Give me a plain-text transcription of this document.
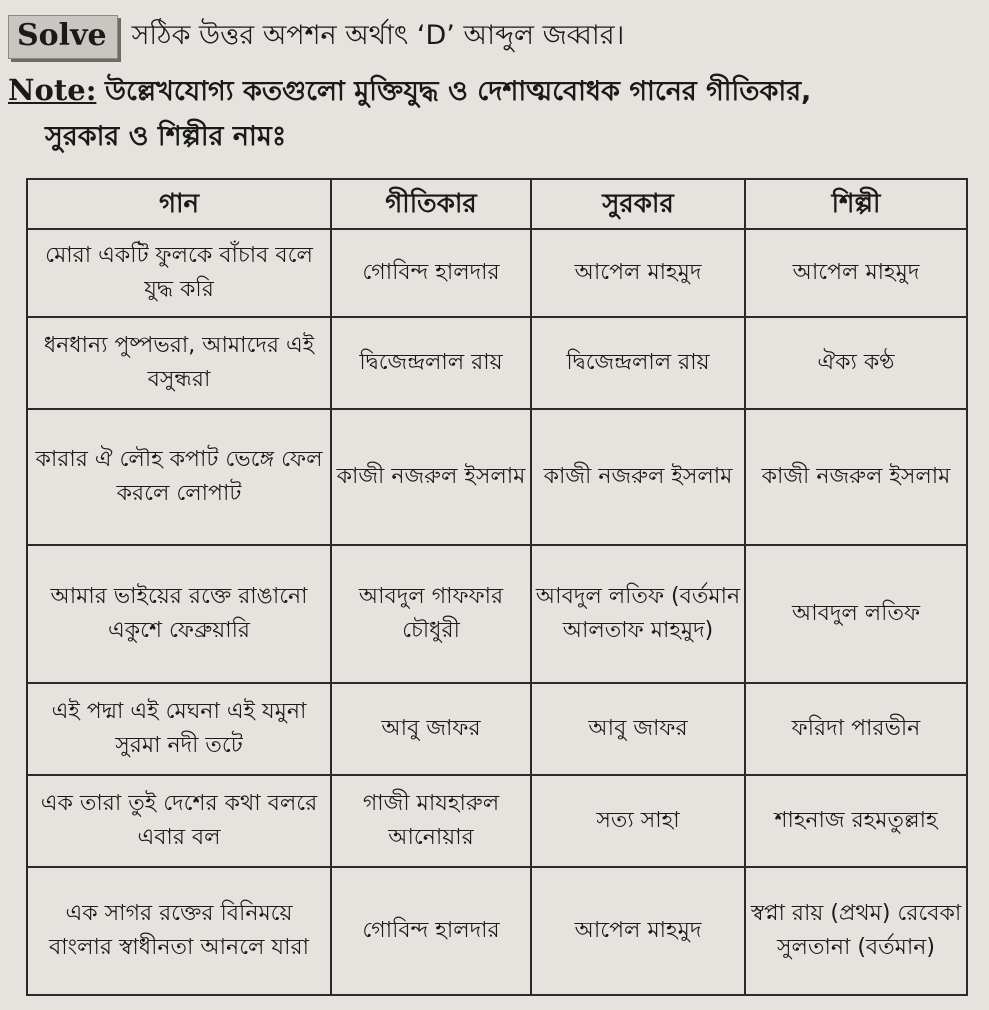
Solve সঠিক উত্তর অপশন অর্থাৎ ‘D’ আব্দুল জব্বার।
Note: উল্লেখযোগ্য কতগুলো মুক্তিযুদ্ধ ও দেশাত্মবোধক গানের গীতিকার,
সুরকার ও শিল্পীর নামঃ
গান	গীতিকার	সুরকার	শিল্পী
মোরা একটি ফুলকে বাঁচাব বলে যুদ্ধ করি	গোবিন্দ হালদার	আপেল মাহমুদ	আপেল মাহমুদ
ধনধান্য পুষ্পভরা, আমাদের এই বসুন্ধরা	দ্বিজেন্দ্রলাল রায়	দ্বিজেন্দ্রলাল রায়	ঐক্য কণ্ঠ
কারার ঐ লৌহ কপাট ভেঙ্গে ফেল করলে লোপাট	কাজী নজরুল ইসলাম	কাজী নজরুল ইসলাম	কাজী নজরুল ইসলাম
আমার ভাইয়ের রক্তে রাঙানো একুশে ফেব্রুয়ারি	আবদুল গাফফার চৌধুরী	আবদুল লতিফ (বর্তমান আলতাফ মাহমুদ)	আবদুল লতিফ
এই পদ্মা এই মেঘনা এই যমুনা সুরমা নদী তটে	আবু জাফর	আবু জাফর	ফরিদা পারভীন
এক তারা তুই দেশের কথা বলরে এবার বল	গাজী মাযহারুল আনোয়ার	সত্য সাহা	শাহনাজ রহমতুল্লাহ
এক সাগর রক্তের বিনিময়ে বাংলার স্বাধীনতা আনলে যারা	গোবিন্দ হালদার	আপেল মাহমুদ	স্বপ্না রায় (প্রথম) রেবেকা সুলতানা (বর্তমান)
